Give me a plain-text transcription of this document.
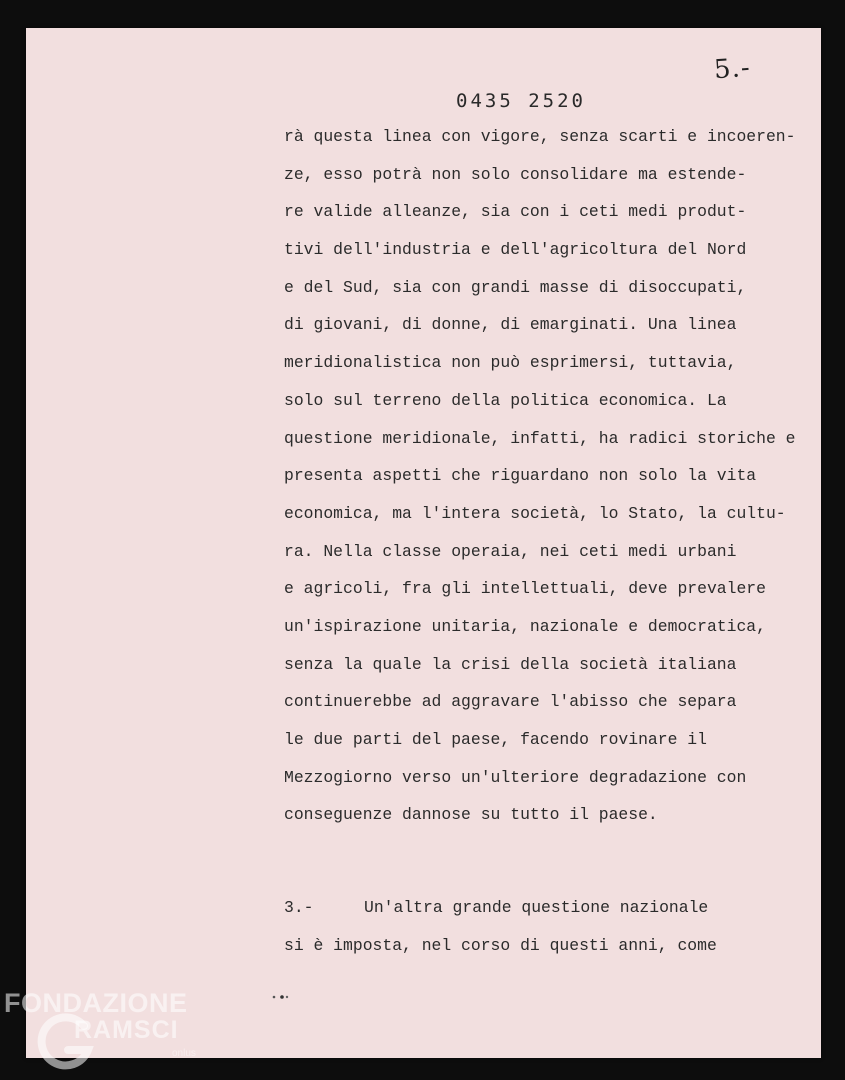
5.-
0435 2520
rà questa linea con vigore, senza scarti e incoeren-
ze, esso potrà non solo consolidare ma estende-
re valide alleanze, sia con i ceti medi produt-
tivi dell'industria e dell'agricoltura del Nord
e del Sud, sia con grandi masse di disoccupati,
di giovani, di donne, di emarginati. Una linea
meridionalistica non può esprimersi, tuttavia,
solo sul terreno della politica economica. La
questione meridionale, infatti, ha radici storiche e
presenta aspetti che riguardano non solo la vita
economica, ma l'intera società, lo Stato, la cultu-
ra. Nella classe operaia, nei ceti medi urbani
e agricoli, fra gli intellettuali, deve prevalere
un'ispirazione unitaria, nazionale e democratica,
senza la quale la crisi della società italiana
continuerebbe ad aggravare l'abisso che separa
le due parti del paese, facendo rovinare il
Mezzogiorno verso un'ulteriore degradazione con
conseguenze dannose su tutto il paese.
3.-	Un'altra grande questione nazionale
si è imposta, nel corso di questi anni, come
FONDAZIONE
RAMSCI
onlus
